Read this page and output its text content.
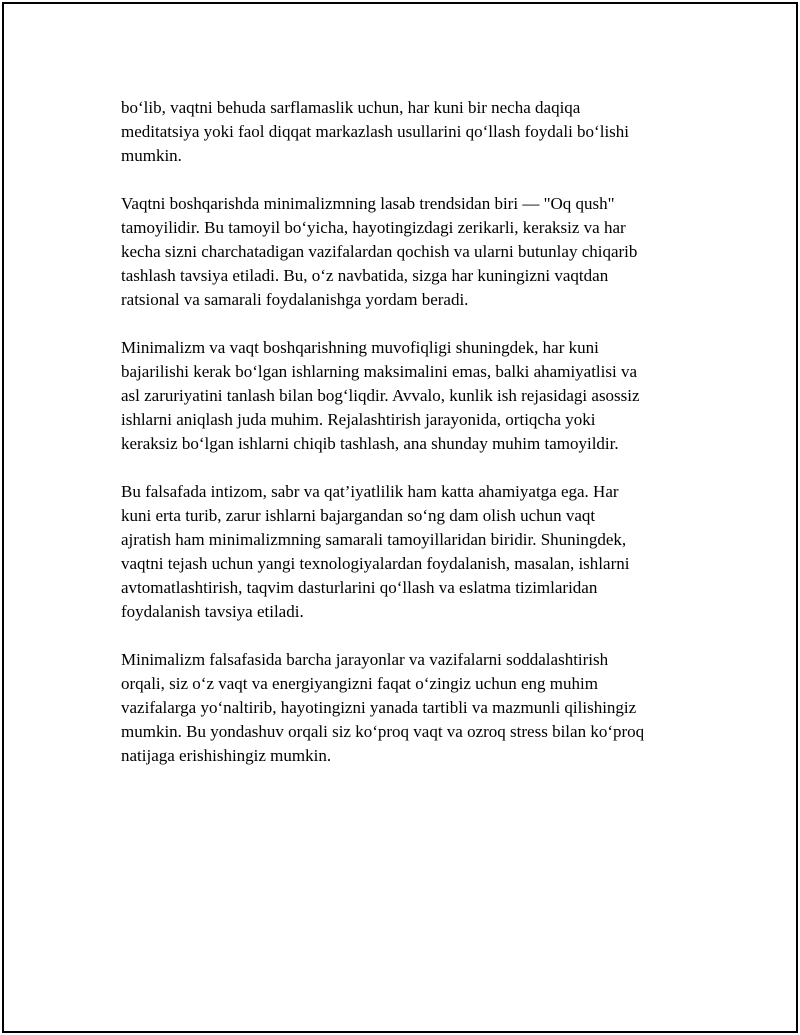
bo‘lib, vaqtni behuda sarflamaslik uchun, har kuni bir necha daqiqa
meditatsiya yoki faol diqqat markazlash usullarini qo‘llash foydali bo‘lishi
mumkin.

Vaqtni boshqarishda minimalizmning lasab trendsidan biri — "Oq qush"
tamoyilidir. Bu tamoyil bo‘yicha, hayotingizdagi zerikarli, keraksiz va har
kecha sizni charchatadigan vazifalardan qochish va ularni butunlay chiqarib
tashlash tavsiya etiladi. Bu, o‘z navbatida, sizga har kuningizni vaqtdan
ratsional va samarali foydalanishga yordam beradi.

Minimalizm va vaqt boshqarishning muvofiqligi shuningdek, har kuni
bajarilishi kerak bo‘lgan ishlarning maksimalini emas, balki ahamiyatlisi va
asl zaruriyatini tanlash bilan bog‘liqdir. Avvalo, kunlik ish rejasidagi asossiz
ishlarni aniqlash juda muhim. Rejalashtirish jarayonida, ortiqcha yoki
keraksiz bo‘lgan ishlarni chiqib tashlash, ana shunday muhim tamoyildir.

Bu falsafada intizom, sabr va qat’iyatlilik ham katta ahamiyatga ega. Har
kuni erta turib, zarur ishlarni bajargandan so‘ng dam olish uchun vaqt
ajratish ham minimalizmning samarali tamoyillaridan biridir. Shuningdek,
vaqtni tejash uchun yangi texnologiyalardan foydalanish, masalan, ishlarni
avtomatlashtirish, taqvim dasturlarini qo‘llash va eslatma tizimlaridan
foydalanish tavsiya etiladi.

Minimalizm falsafasida barcha jarayonlar va vazifalarni soddalashtirish
orqali, siz o‘z vaqt va energiyangizni faqat o‘zingiz uchun eng muhim
vazifalarga yo‘naltirib, hayotingizni yanada tartibli va mazmunli qilishingiz
mumkin. Bu yondashuv orqali siz ko‘proq vaqt va ozroq stress bilan ko‘proq
natijaga erishishingiz mumkin.
